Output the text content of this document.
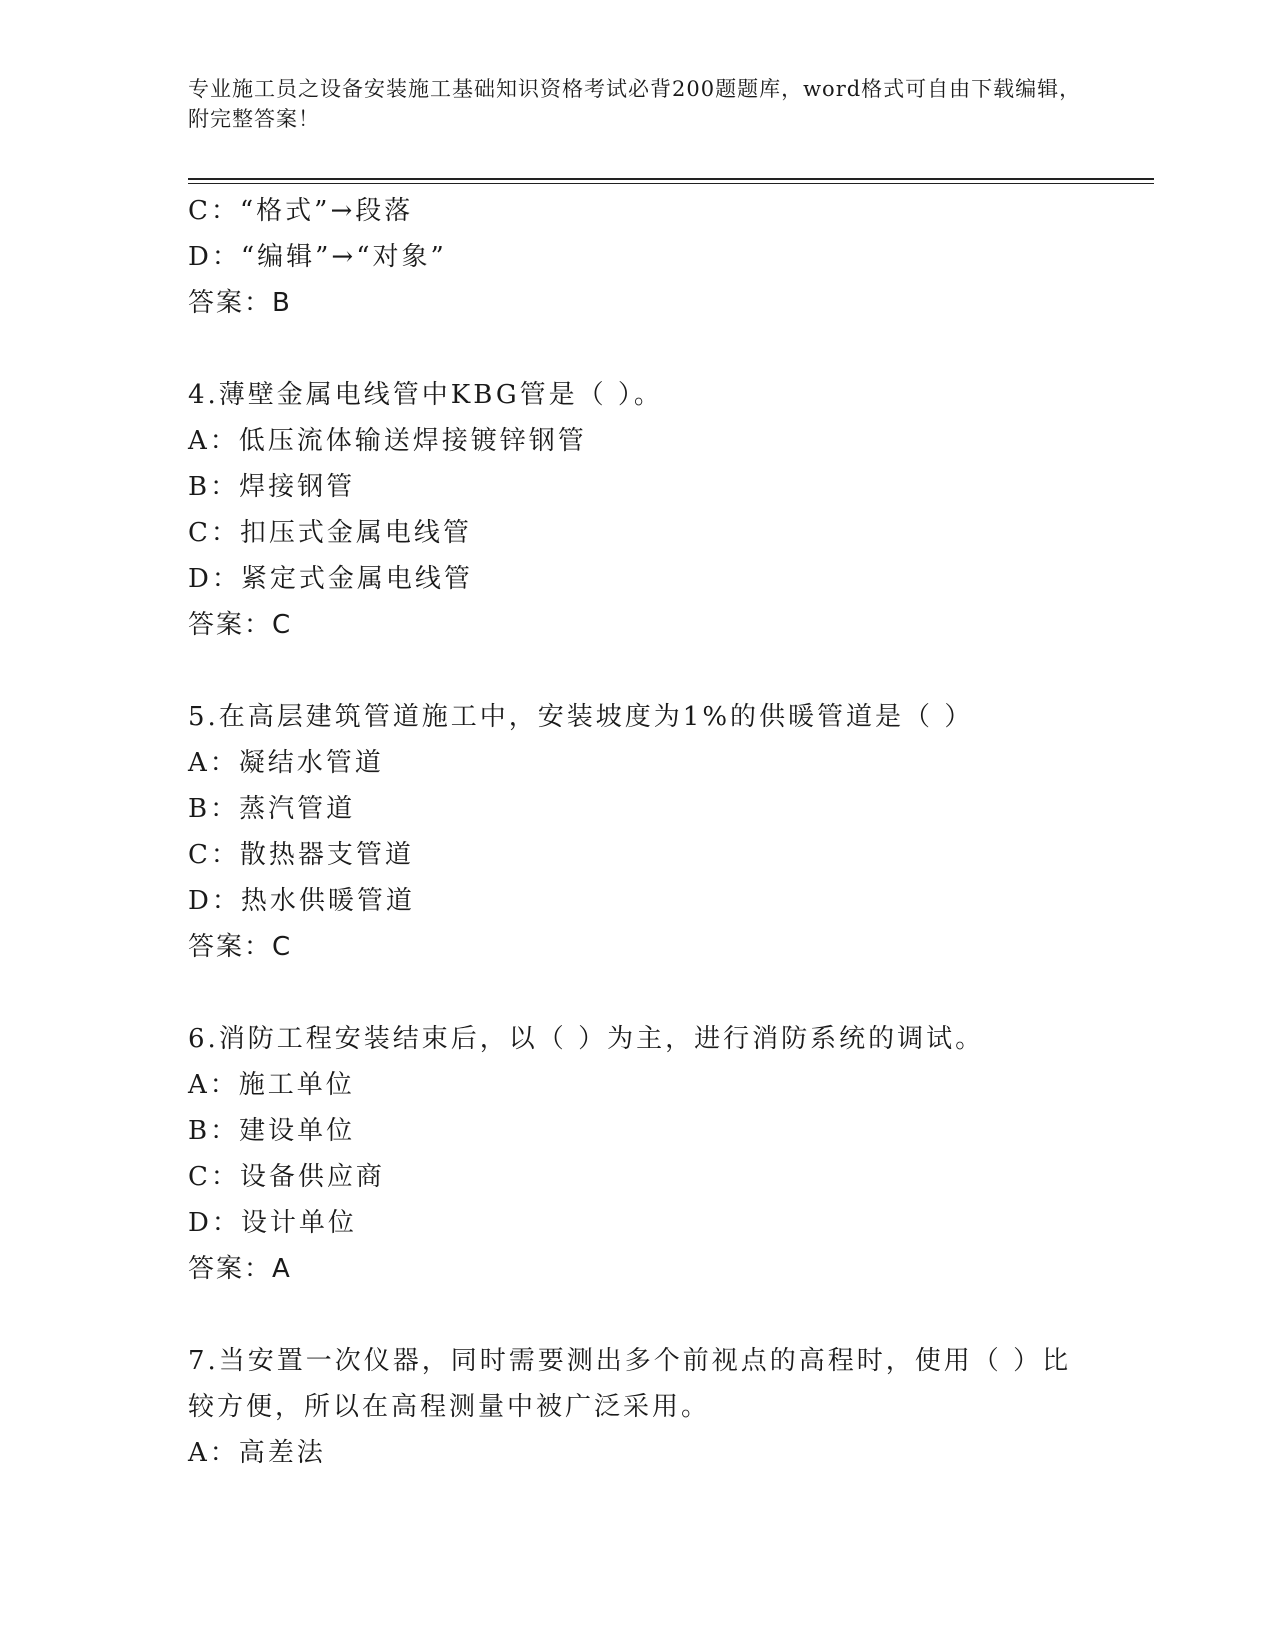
专业施工员之设备安装施工基础知识资格考试必背200题题库，word格式可自由下载编辑，附完整答案！
C：“格式”→段落
D：“编辑”→“对象”
答案：B
4.薄壁金属电线管中KBG管是（ ）。
A：低压流体输送焊接镀锌钢管
B：焊接钢管
C：扣压式金属电线管
D：紧定式金属电线管
答案：C
5.在高层建筑管道施工中，安装坡度为1%的供暖管道是（ ）
A：凝结水管道
B：蒸汽管道
C：散热器支管道
D：热水供暖管道
答案：C
6.消防工程安装结束后，以（ ）为主，进行消防系统的调试。
A：施工单位
B：建设单位
C：设备供应商
D：设计单位
答案：A
7.当安置一次仪器，同时需要测出多个前视点的高程时，使用（ ）比较方便，所以在高程测量中被广泛采用。
A：高差法
